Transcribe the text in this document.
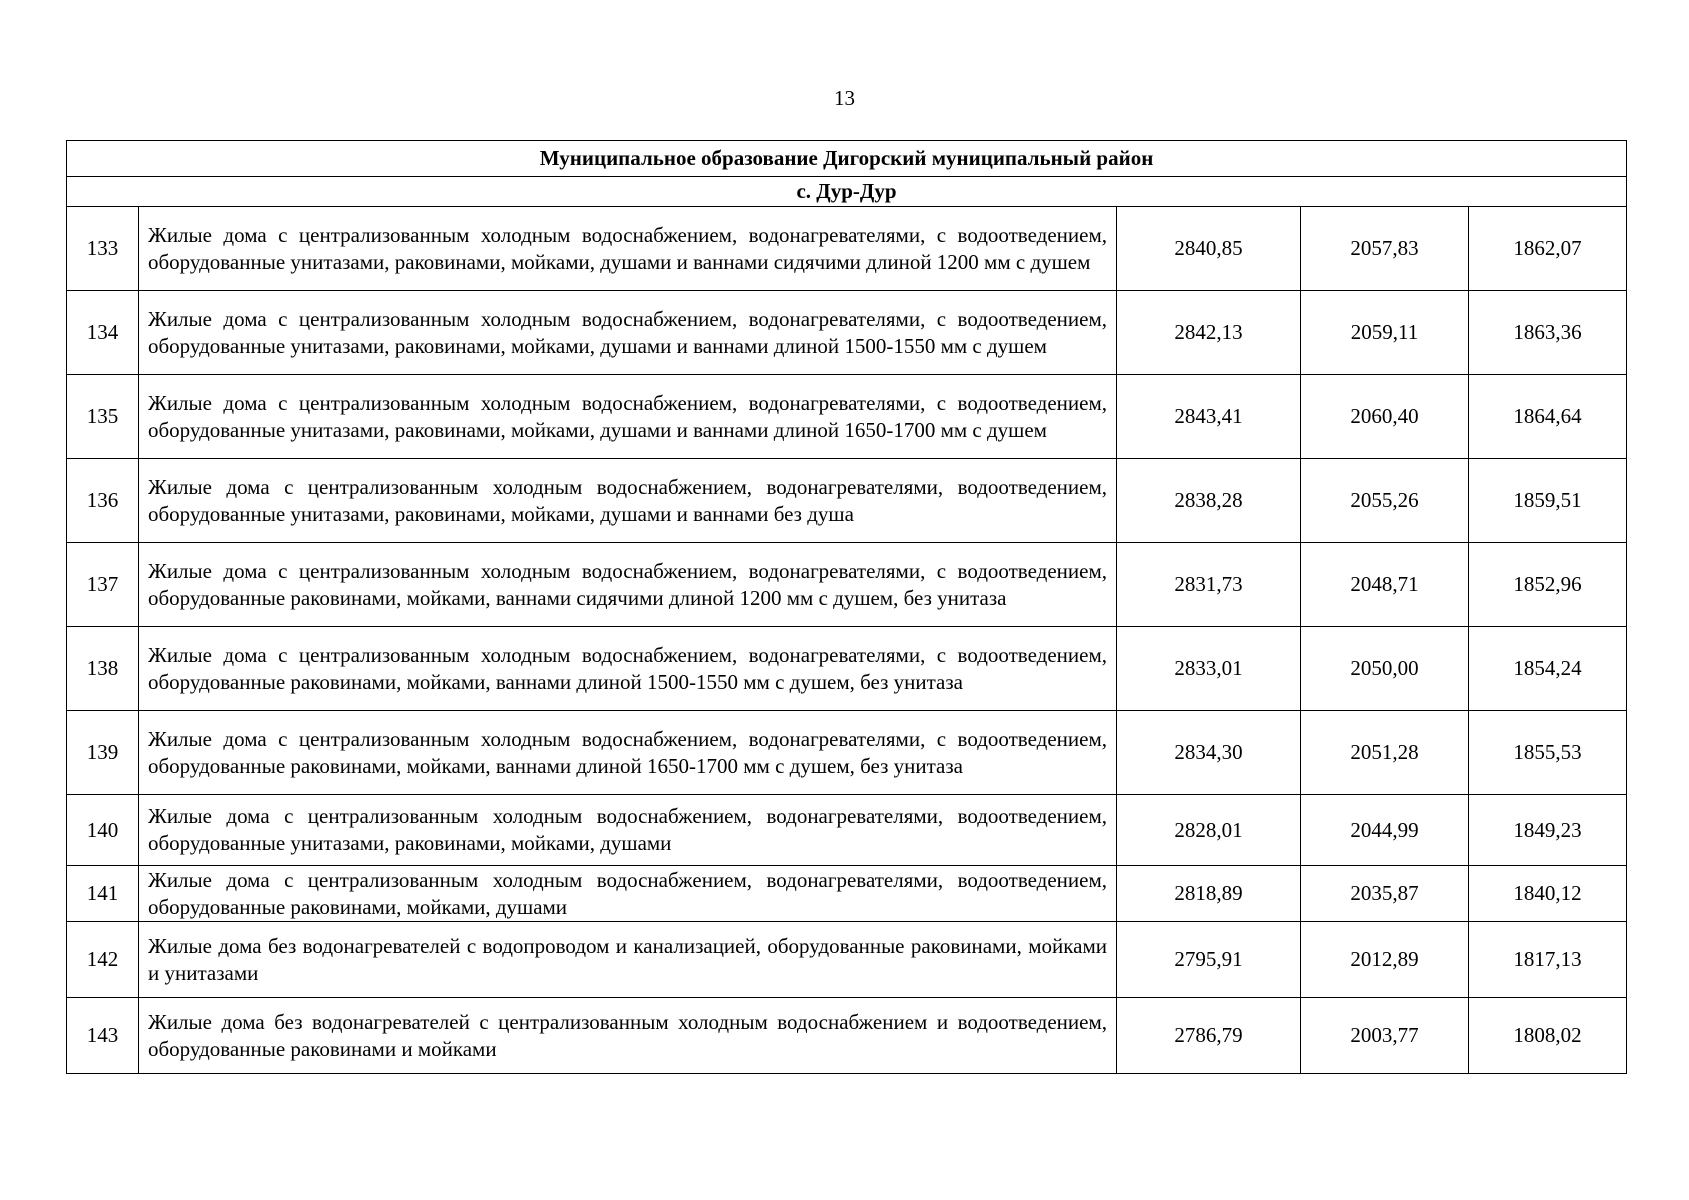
13
Муниципальное образование Дигорский муниципальный район				
с. Дур-Дур				
133	Жилые дома с централизованным холодным водоснабжением, водонагревателями, с водоотведением, оборудованные унитазами, раковинами, мойками, душами и ваннами сидячими длиной 1200 мм с душем	2840,85	2057,83	1862,07
134	Жилые дома с централизованным холодным водоснабжением, водонагревателями, с водоотведением, оборудованные унитазами, раковинами, мойками, душами и ваннами длиной 1500-1550 мм с душем	2842,13	2059,11	1863,36
135	Жилые дома с централизованным холодным водоснабжением, водонагревателями, с водоотведением, оборудованные унитазами, раковинами, мойками, душами и ваннами длиной 1650-1700 мм с душем	2843,41	2060,40	1864,64
136	Жилые дома с централизованным холодным водоснабжением, водонагревателями, водоотведением, оборудованные унитазами, раковинами, мойками, душами и ваннами без душа	2838,28	2055,26	1859,51
137	Жилые дома с централизованным холодным водоснабжением, водонагревателями, с водоотведением, оборудованные раковинами, мойками, ваннами сидячими длиной 1200 мм с душем, без унитаза	2831,73	2048,71	1852,96
138	Жилые дома с централизованным холодным водоснабжением, водонагревателями, с водоотведением, оборудованные раковинами, мойками, ваннами длиной 1500-1550 мм с душем, без унитаза	2833,01	2050,00	1854,24
139	Жилые дома с централизованным холодным водоснабжением, водонагревателями, с водоотведением, оборудованные раковинами, мойками, ваннами длиной 1650-1700 мм с душем, без унитаза	2834,30	2051,28	1855,53
140	Жилые дома с централизованным холодным водоснабжением, водонагревателями, водоотведением, оборудованные унитазами, раковинами, мойками, душами	2828,01	2044,99	1849,23
141	Жилые дома с централизованным холодным водоснабжением, водонагревателями, водоотведением, оборудованные раковинами, мойками, душами	2818,89	2035,87	1840,12
142	Жилые дома без водонагревателей с водопроводом и канализацией, оборудованные раковинами, мойками и унитазами	2795,91	2012,89	1817,13
143	Жилые дома без водонагревателей с централизованным холодным водоснабжением и водоотведением, оборудованные раковинами и мойками	2786,79	2003,77	1808,02
